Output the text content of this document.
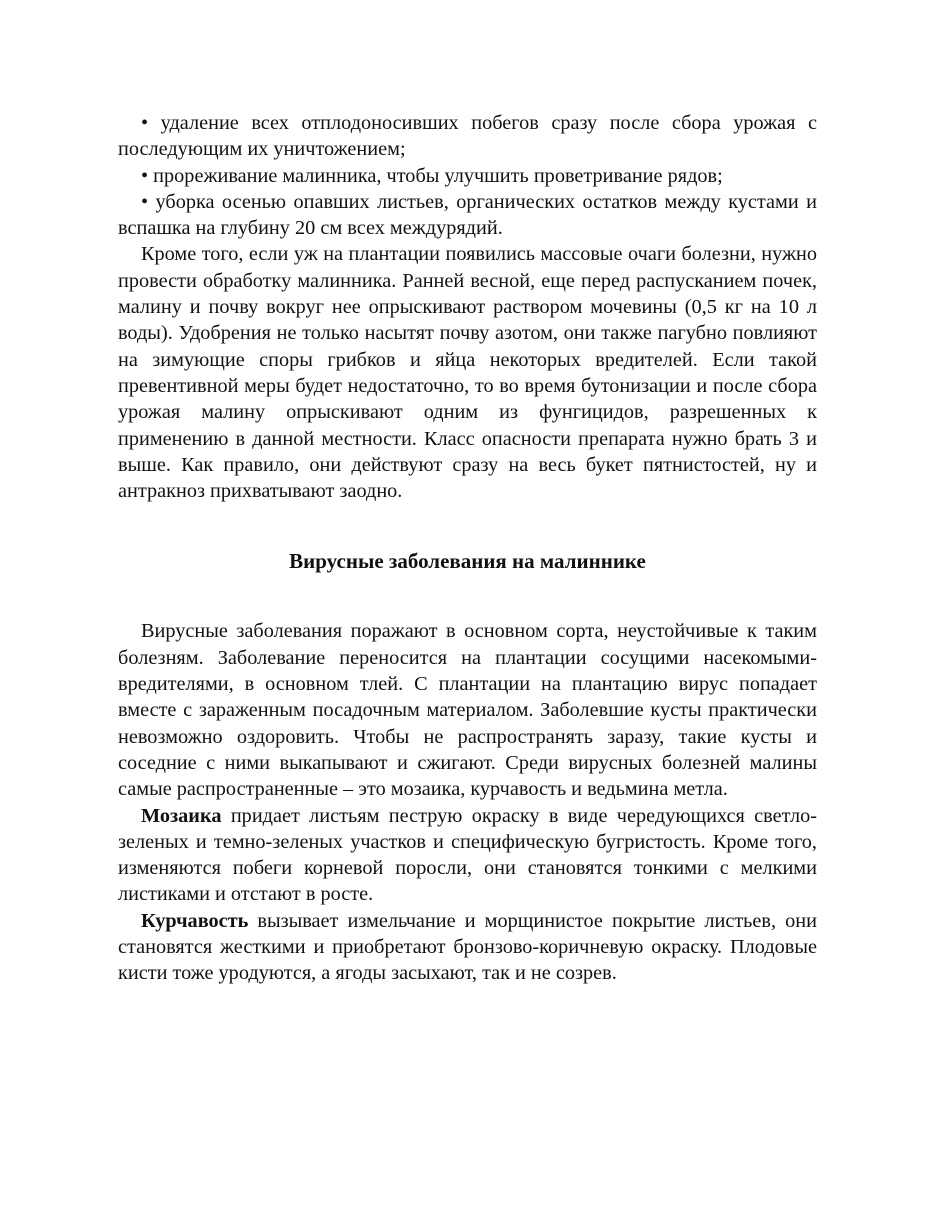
• удаление всех отплодоносивших побегов сразу после сбора урожая с последующим их уничтожением;

• прореживание малинника, чтобы улучшить проветривание рядов;

• уборка осенью опавших листьев, органических остатков между кустами и вспашка на глубину 20 см всех междурядий.

Кроме того, если уж на плантации появились массовые очаги болезни, нужно провести обработку малинника. Ранней весной, еще перед распусканием почек, малину и почву вокруг нее опрыскивают раствором мочевины (0,5 кг на 10 л воды). Удобрения не только насытят почву азотом, они также пагубно повлияют на зимующие споры грибков и яйца некоторых вредителей. Если такой превентивной меры будет недостаточно, то во время бутонизации и после сбора урожая малину опрыскивают одним из фунгицидов, разрешенных к применению в данной местности. Класс опасности препарата нужно брать 3 и выше. Как правило, они действуют сразу на весь букет пятнистостей, ну и антракноз прихватывают заодно.

Вирусные заболевания на малиннике

Вирусные заболевания поражают в основном сорта, неустойчивые к таким болезням. Заболевание переносится на плантации сосущими насекомыми-вредителями, в основном тлей. С плантации на плантацию вирус попадает вместе с зараженным посадочным материалом. Заболевшие кусты практически невозможно оздоровить. Чтобы не распространять заразу, такие кусты и соседние с ними выкапывают и сжигают. Среди вирусных болезней малины самые распространенные – это мозаика, курчавость и ведьмина метла.

Мозаика придает листьям пеструю окраску в виде чередующихся светло-зеленых и темно-зеленых участков и специфическую бугристость. Кроме того, изменяются побеги корневой поросли, они становятся тонкими с мелкими листиками и отстают в росте.

Курчавость вызывает измельчание и морщинистое покрытие листьев, они становятся жесткими и приобретают бронзово-коричневую окраску. Плодовые кисти тоже уродуются, а ягоды засыхают, так и не созрев.
